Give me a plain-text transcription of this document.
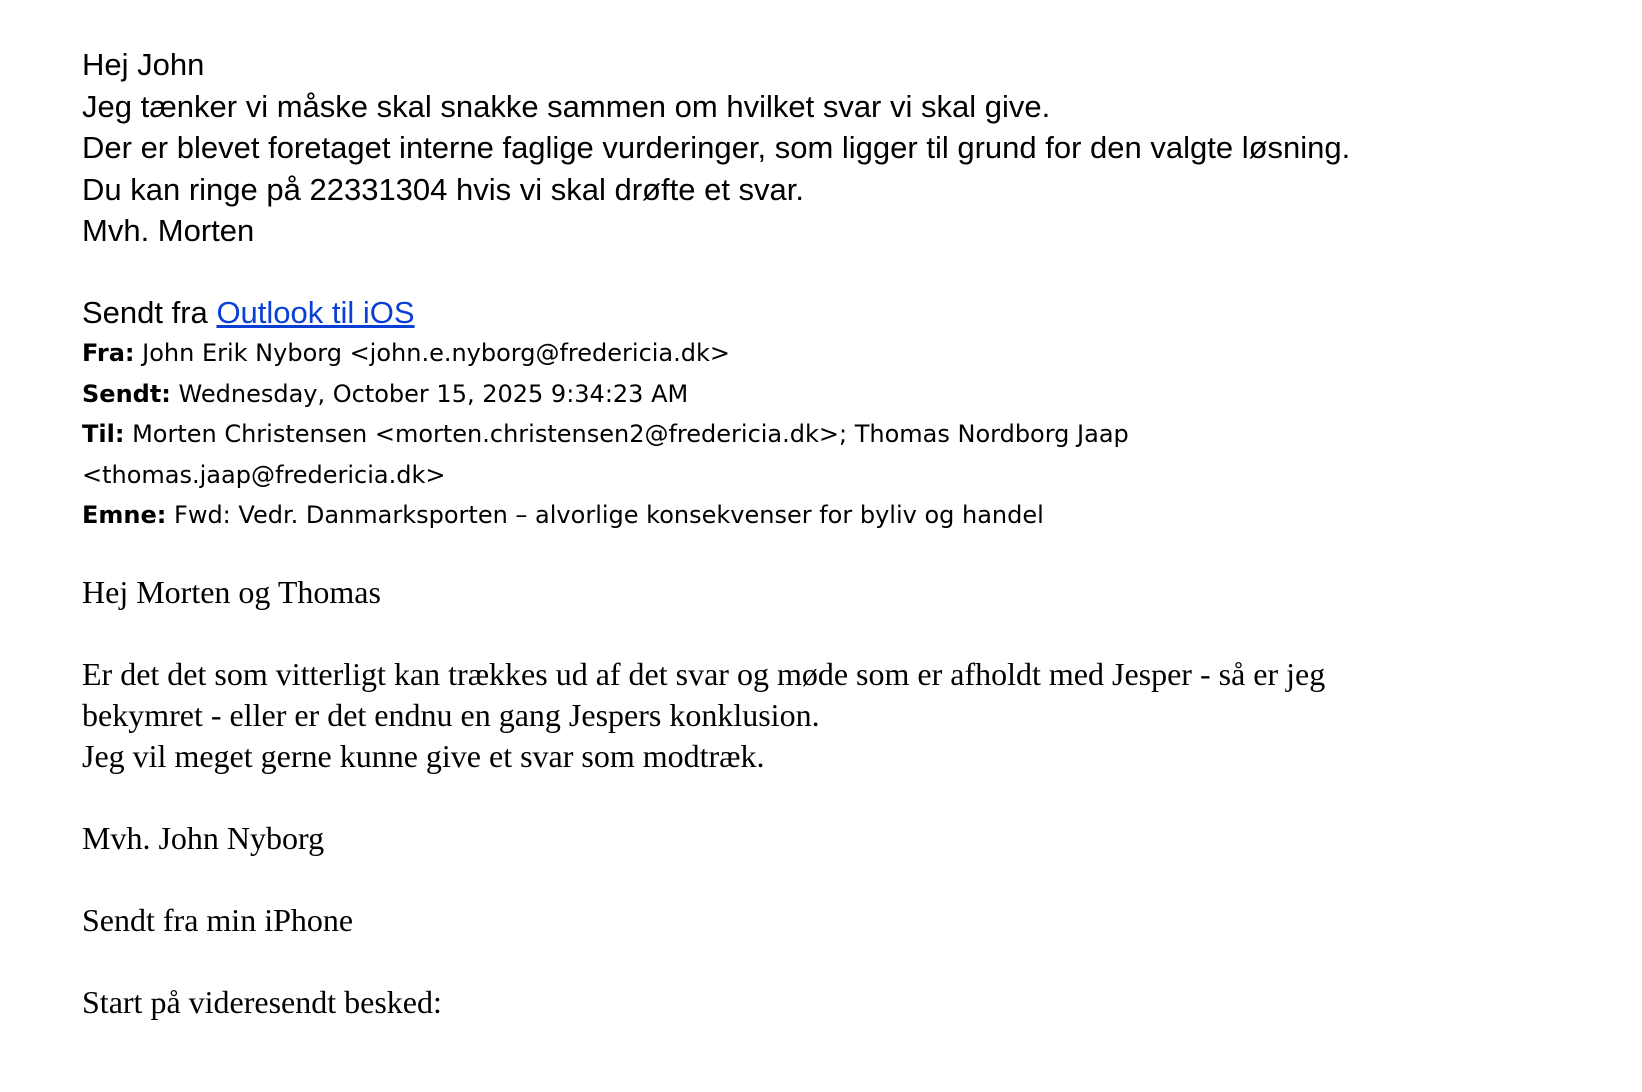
Hej John

Jeg tænker vi måske skal snakke sammen om hvilket svar vi skal give.

Der er blevet foretaget interne faglige vurderinger, som ligger til grund for den valgte løsning.

Du kan ringe på 22331304 hvis vi skal drøfte et svar.

Mvh. Morten

Sendt fra Outlook til iOS

Fra: John Erik Nyborg <john.e.nyborg@fredericia.dk>

Sendt: Wednesday, October 15, 2025 9:34:23 AM

Til: Morten Christensen <morten.christensen2@fredericia.dk>; Thomas Nordborg Jaap

<thomas.jaap@fredericia.dk>

Emne: Fwd: Vedr. Danmarksporten – alvorlige konsekvenser for byliv og handel

Hej Morten og Thomas

Er det det som vitterligt kan trækkes ud af det svar og møde som er afholdt med Jesper - så er jeg

bekymret - eller er det endnu en gang Jespers konklusion.

Jeg vil meget gerne kunne give et svar som modtræk.

Mvh. John Nyborg

Sendt fra min iPhone

Start på videresendt besked:
